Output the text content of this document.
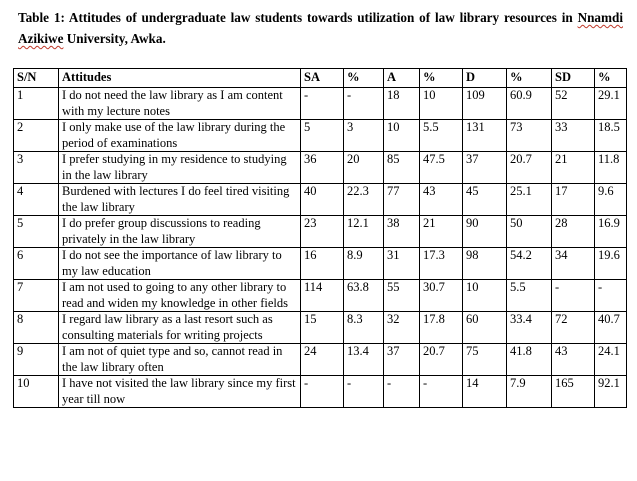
Table 1: Attitudes of undergraduate law students towards utilization of law library resources in Nnamdi Azikiwe University, Awka.
S/N	Attitudes	SA	%	A	%	D	%	SD	%
1	I do not need the law library as I am content with my lecture notes	-	-	18	10	109	60.9	52	29.1
2	I only make use of the law library during the period of examinations	5	3	10	5.5	131	73	33	18.5
3	I prefer studying in my residence to studying in the law library	36	20	85	47.5	37	20.7	21	11.8
4	Burdened with lectures I do feel tired visiting the law library	40	22.3	77	43	45	25.1	17	9.6
5	I do prefer group discussions to reading privately in the law library	23	12.1	38	21	90	50	28	16.9
6	I do not see the importance of law library to my law education	16	8.9	31	17.3	98	54.2	34	19.6
7	I am not used to going to any other library to read and widen my knowledge in other fields	114	63.8	55	30.7	10	5.5	-	-
8	I regard law library as a last resort such as consulting materials for writing projects	15	8.3	32	17.8	60	33.4	72	40.7
9	I am not of quiet type and so, cannot read in the law library often	24	13.4	37	20.7	75	41.8	43	24.1
10	I have not visited the law library since my first year till now	-	-	-	-	14	7.9	165	92.1
